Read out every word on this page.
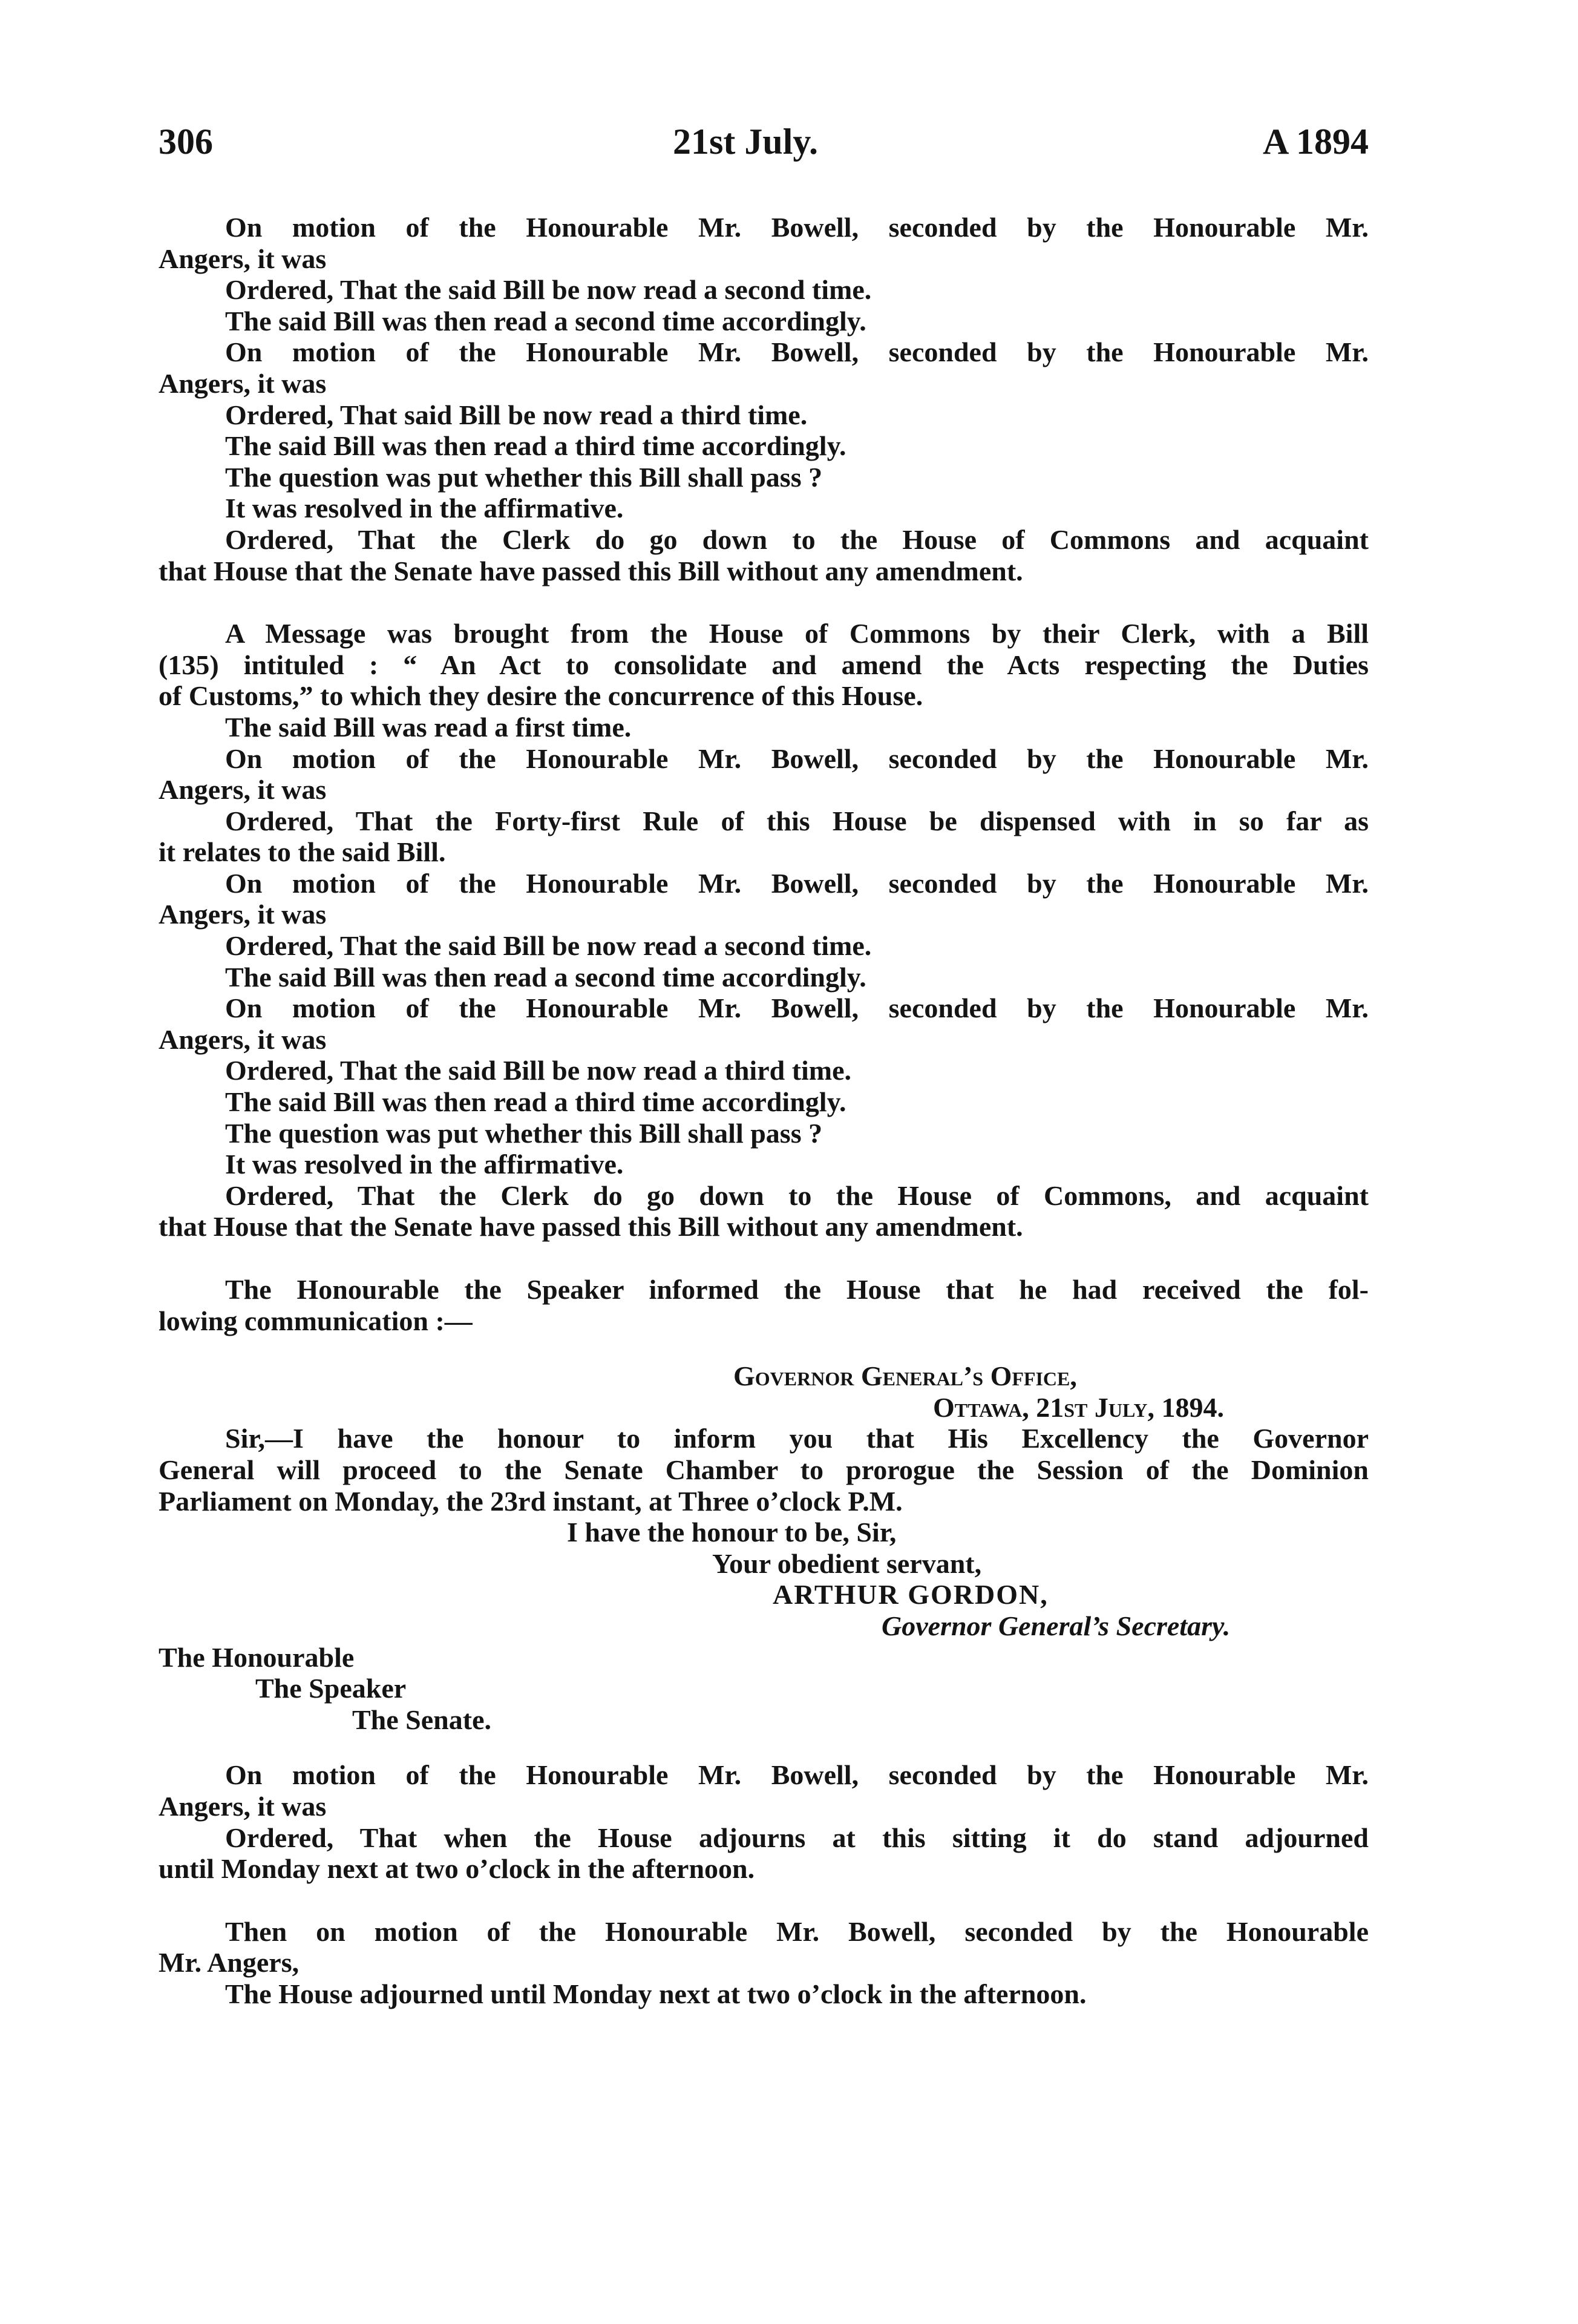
306	21st July.	A 1894

On motion of the Honourable Mr. Bowell, seconded by the Honourable Mr.

Angers, it was

Ordered, That the said Bill be now read a second time.

The said Bill was then read a second time accordingly.

On motion of the Honourable Mr. Bowell, seconded by the Honourable Mr.

Angers, it was

Ordered, That said Bill be now read a third time.

The said Bill was then read a third time accordingly.

The question was put whether this Bill shall pass ?

It was resolved in the affirmative.

Ordered, That the Clerk do go down to the House of Commons and acquaint

that House that the Senate have passed this Bill without any amendment.

A Message was brought from the House of Commons by their Clerk, with a Bill

(135) intituled : “ An Act to consolidate and amend the Acts respecting the Duties

of Customs,” to which they desire the concurrence of this House.

The said Bill was read a first time.

On motion of the Honourable Mr. Bowell, seconded by the Honourable Mr.

Angers, it was

Ordered, That the Forty-first Rule of this House be dispensed with in so far as

it relates to the said Bill.

On motion of the Honourable Mr. Bowell, seconded by the Honourable Mr.

Angers, it was

Ordered, That the said Bill be now read a second time.

The said Bill was then read a second time accordingly.

On motion of the Honourable Mr. Bowell, seconded by the Honourable Mr.

Angers, it was

Ordered, That the said Bill be now read a third time.

The said Bill was then read a third time accordingly.

The question was put whether this Bill shall pass ?

It was resolved in the affirmative.

Ordered, That the Clerk do go down to the House of Commons, and acquaint

that House that the Senate have passed this Bill without any amendment.

The Honourable the Speaker informed the House that he had received the fol-

lowing communication :—

Governor General’s Office,

Ottawa, 21st July, 1894.

Sir,—I have the honour to inform you that His Excellency the Governor

General will proceed to the Senate Chamber to prorogue the Session of the Dominion

Parliament on Monday, the 23rd instant, at Three o’clock P.M.

I have the honour to be, Sir,

Your obedient servant,

ARTHUR GORDON,

Governor General’s Secretary.

The Honourable

The Speaker

The Senate.

On motion of the Honourable Mr. Bowell, seconded by the Honourable Mr.

Angers, it was

Ordered, That when the House adjourns at this sitting it do stand adjourned

until Monday next at two o’clock in the afternoon.

Then on motion of the Honourable Mr. Bowell, seconded by the Honourable

Mr. Angers,

The House adjourned until Monday next at two o’clock in the afternoon.
